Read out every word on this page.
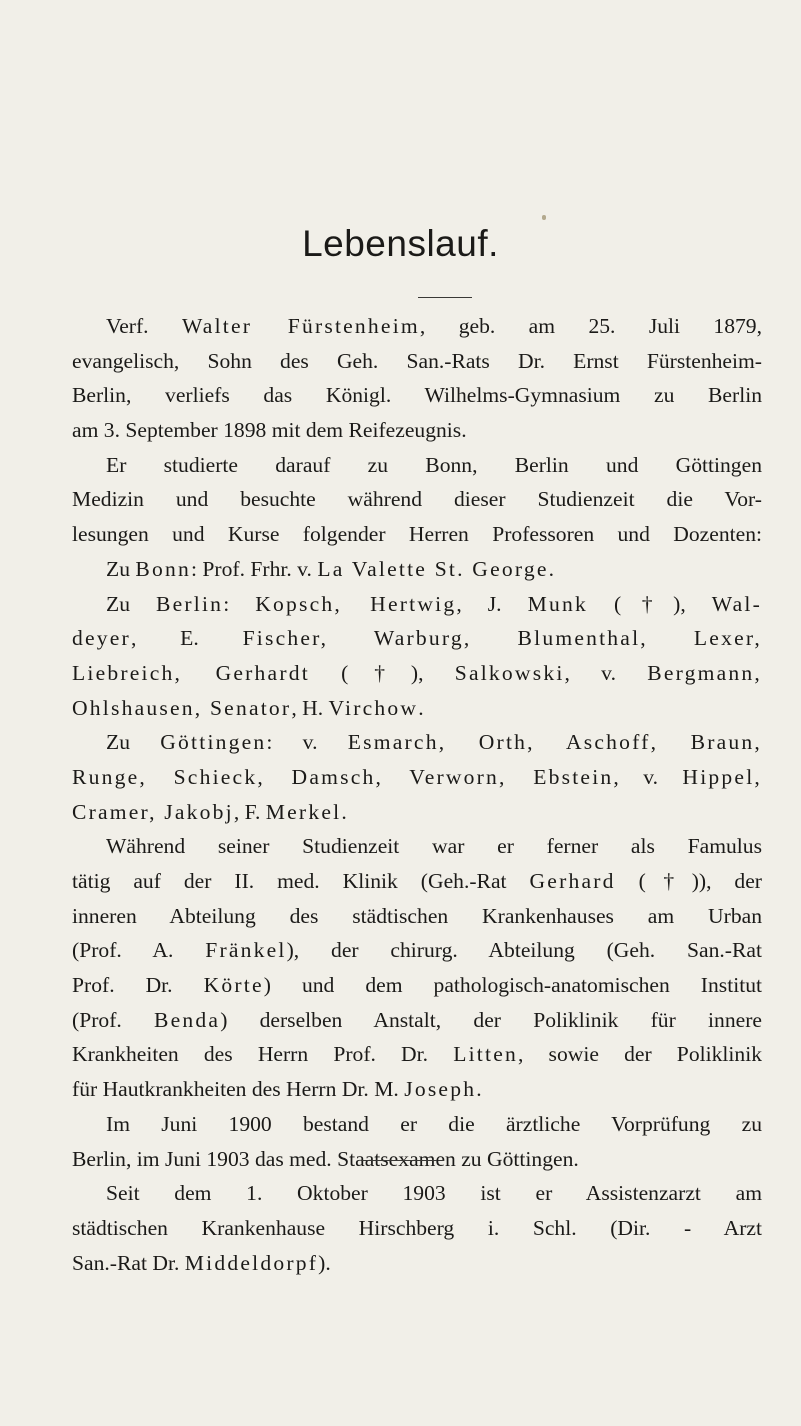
Lebenslauf.
Verf. Walter Fürstenheim, geb. am 25. Juli 1879,
evangelisch, Sohn des Geh. San.-Rats Dr. Ernst Fürstenheim-
Berlin, verliefs das Königl. Wilhelms-Gymnasium zu Berlin
am 3. September 1898 mit dem Reifezeugnis.
Er studierte darauf zu Bonn, Berlin und Göttingen
Medizin und besuchte während dieser Studienzeit die Vor-
lesungen und Kurse folgender Herren Professoren und Dozenten:
Zu Bonn: Prof. Frhr. v. La Valette St. George.
Zu Berlin: Kopsch, Hertwig, J. Munk (†), Wal-
deyer, E. Fischer, Warburg, Blumenthal, Lexer,
Liebreich, Gerhardt (†), Salkowski, v. Bergmann,
Ohlshausen, Senator, H. Virchow.
Zu Göttingen: v. Esmarch, Orth, Aschoff, Braun,
Runge, Schieck, Damsch, Verworn, Ebstein, v. Hippel,
Cramer, Jakobj, F. Merkel.
Während seiner Studienzeit war er ferner als Famulus
tätig auf der II. med. Klinik (Geh.-Rat Gerhard (†)), der
inneren Abteilung des städtischen Krankenhauses am Urban
(Prof. A. Fränkel), der chirurg. Abteilung (Geh. San.-Rat
Prof. Dr. Körte) und dem pathologisch-anatomischen Institut
(Prof. Benda) derselben Anstalt, der Poliklinik für innere
Krankheiten des Herrn Prof. Dr. Litten, sowie der Poliklinik
für Hautkrankheiten des Herrn Dr. M. Joseph.
Im Juni 1900 bestand er die ärztliche Vorprüfung zu
Berlin, im Juni 1903 das med. Staatsexamen zu Göttingen.
Seit dem 1. Oktober 1903 ist er Assistenzarzt am
städtischen Krankenhause Hirschberg i. Schl. (Dir. - Arzt
San.-Rat Dr. Middeldorpf).
